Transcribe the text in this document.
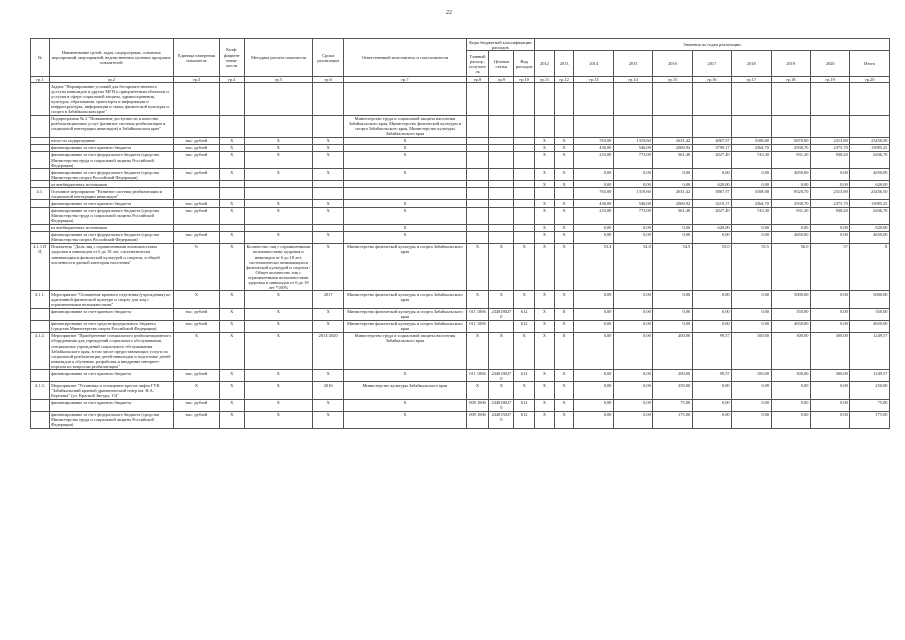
22
№	Наименование целей, задач, подпрограмм, основных мероприятий, мероприятий, ведомственных целевых программ, показателей	Единица измерения показателя	Коэф-фициент значи-мости	Методика расчета показателя	Сроки реализации	Ответственный исполнитель и соисполнители	Коды бюджетной классификации расходов			Значения по годам реализации									
							Главный распор., получатель	Целевая статья	Вид расходов	2012	2013	2014	2015	2016	2017	2018	2019	2020	Итого
гр.1	гр.2	гр.3	гр.4	гр.5	гр.6	гр.7	гр.8	гр.9	гр.10	гр.11	гр.12	гр.13	гр.14	гр.15	гр.16	гр.17	гр.18	гр.19	гр.20
	Задача "Формирование условий для беспрепятственного доступа инвалидов и других МГН к приоритетным объектам и услугам в сфере социальной защиты, здравоохранения, культуры, образования, транспорта и информации и инфраструктуры, информации и связи, физической культуры и спорта в Забайкальском крае"																		
	Подпрограмма № 2 "Повышение доступности и качества реабилитационных услуг (развитие системы реабилитации и социальной интеграции инвалидов) в Забайкальском крае"					Министерство труда и социальной защиты населения Забайкальского края, Министерство физической культуры и спорта Забайкальского края, Министерство культуры Забайкальского края													
	итого по подпрограмме	тыс. рублей	X	X	X	X				X	X	763,00	1319,60	2631,42	4867,57	3108,60	6870,00	2313,80	23456,50
	финансирование за счет краевого бюджета	тыс. рублей	X	X	X	X				X	X	430,00	546,00	2069,92	3799,17	2364,70	2938,70	2375,70	13985,25
	финансирование за счет федерального бюджета (средства Министерства труда и социальной защиты Российской Федерации)	тыс. рублей	X	X	X	X				X	X	233,00	773,00	561,40	2027,40	743,30	931,30	938,20	6206,70
	финансирование за счет федерального бюджета (средства Министерства спорта Российской Федерации)	тыс. рублей	X	X	X	X				X	X	0,00	0,00	0,00	0,00	0,00	4650,00	0,00	4650,00
	из внебюджетных источников									X	X	0,00	0,00	0,00	620,00	0,00	0,00	0,00	620,00
4.1.	Основное мероприятие "Развитие системы реабилитации и социальной интеграции инвалидов"											763,00	1319,60	2631,42	5867,57	3108,00	8520,70	2313,80	23456,50
	финансирование за счет краевого бюджета	тыс. рублей	X	X	X	X				X	X	430,00	546,00	2069,92	3219,17	2364,70	2938,70	2375,70	13985,25
	финансирование за счет федерального бюджета (средства Министерства труда и социальной защиты Российской Федерации)	тыс. рублей	X	X	X	X				X	X	233,00	773,00	561,40	2027,40	743,30	931,30	938,20	6206,70
	из внебюджетных источников					X				X	X	0,00	0,00	0,00	620,00	0,00	0,00	0,00	620,00
	финансирование за счет федерального бюджета (средства Министерства спорта Российской Федерации)	тыс. рублей	X	X	X	X				X	X	0,00	0,00	0,00	0,00	0,00	4650,00	0,00	4650,00
4.1.1.ПЦ	Показатель "Доля лиц с ограниченными возможностями здоровья и инвалидов от 6 до 18 лет, систематически занимающихся физической культурой и спортом, в общей численности данной категории населения"	%	X	Количество лиц с ограниченными возможностями здоровья и инвалидов от 6 до 18 лет, систематически занимающихся физической культурой и спортом / Общее количество лиц с ограниченными возможностями здоровья и инвалидов от 6 до 18 лет *100%	X	Министерство физической культуры и спорта Забайкальского края	X	X	X	X	X	53,4	54,0	54,5	55,0	55,5	56,0	57	X
4.1.1.	Мероприятие "Оснащение краевого отделения (учреждения) по адаптивной физической культуре и спорту для лиц с ограниченными возможностями"	X	X	X	2017	Министерство физической культуры и спорта Забайкальского края	X	X	X	X	X	0,00	0,00	0,00	0,00	0,00	5000,00	0,00	5000,00
	финансирование за счет краевого бюджета	тыс. рублей	X	X	X	Министерство физической культуры и спорта Забайкальского края	011 1006	2440180270	612	X	X	0,00	0,00	0,00	0,00	0,00	350,00	0,00	350,00
	финансирование за счет средств федерального бюджета (средства Министерства спорта Российской Федерации)	тыс. рублей	X	X	X	Министерство физической культуры и спорта Забайкальского края	011 1006		612	X	X	0,00	0,00	0,00	0,00	0,00	4650,00	0,00	4650,00
4.1.2.	Мероприятие "Приобретение специального реабилитационного оборудования для учреждений социального обслуживания, специальных учреждений социального обслуживания Забайкальского края, в том числе предоставляющих услуги по социальной реабилитации детей-инвалидов и подготовке детей-инвалидов к обучению, разработка и внедрение интернет-портала по вопросам реабилитации"	X	X	X	2014-2020	Министерство труда и социальной защиты населения Забайкальского края	X	X	X	X	X	0,00	0,00	200,00	99,57	100,00	300,00	300,00	1249,57
	финансирование за счет краевого бюджета	тыс. рублей	X	X	X	X	011 1006	2440180270	612	X	X	0,00	0,00	200,00	99,57	100,00	300,00	300,00	1249,57
4.1.3.	Мероприятие "Установка и оснащение кресла-лифта ГУК "Забайкальский краевой драматический театр им. Н.А. Березина" (ул. Красной Звезды, 13)"	X	X	X	2016	Министерство культуры Забайкальского края	X	X	X	X	X	0,00	0,00	250,00	0,00	0,00	0,00	0,00	250,00
	финансирование за счет краевого бюджета	тыс. рублей	X	X	X	X	009 1006	2440180270	612	X	X	0,00	0,00	75,00	0,00	0,00	0,00	0,00	75,00
	финансирование за счет федерального бюджета (средства Министерства труда и социальной защиты Российской Федерации)	тыс. рублей	X	X	X	X	009 1006	2440150270	612	X	X	0,00	0,00	175,00	0,00	0,00	0,00	0,00	175,00
